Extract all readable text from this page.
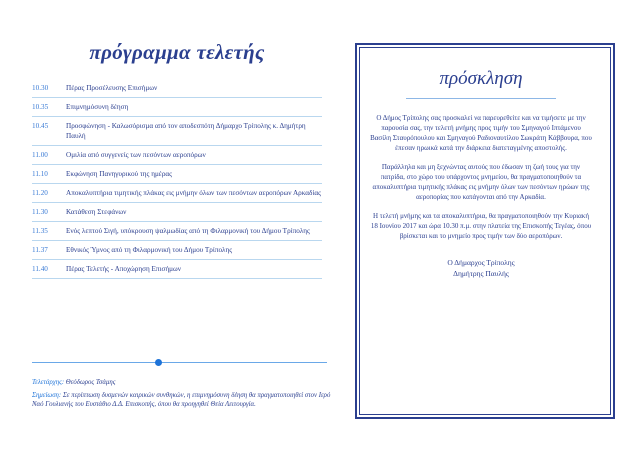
πρόγραμμα τελετής
10.30	Πέρας Προσέλευσης Επισήμων
10.35	Επιμνημόσυνη δέηση
10.45	Προσφώνηση - Καλωσόρισμα από τον αποδεσπότη Δήμαρχο Τρίπολης κ. Δημήτρη Παυλή
11.00	Ομιλία από συγγενείς των πεσόντων αεροπόρων
11.10	Εκφώνηση Πανηγυρικού της ημέρας
11.20	Αποκαλυπτήρια τιμητικής πλάκας εις μνήμην όλων των πεσόντων αεροπόρων Αρκαδίας
11.30	Κατάθεση Στεφάνων
11.35	Ενός λεπτού Σιγή, υπόκρουση ψαλμωδίας από τη Φιλαρμονική του Δήμου Τρίπολης
11.37	Εθνικός Ύμνος από τη Φιλαρμονική του Δήμου Τρίπολης
11.40	Πέρας Τελετής - Αποχώρηση Επισήμων
Τελετάρχης: Θεόδωρος Τσάμης
Σημείωση: Σε περίπτωση δυσμενών καιρικών συνθηκών, η επιμνημόσυνη δέηση θα πραγματοποιηθεί στον Ιερό Ναό Γουλιανής του Ευστάθιο Δ.Δ. Επισκοπής, όπου θα προηγηθεί Θεία Λειτουργία.
πρόσκληση

Ο Δήμος Τρίπολης σας προσκαλεί να παρευρεθείτε και να τιμήσετε με την παρουσία σας, την τελετή μνήμης προς τιμήν του Σμηναγού Ιπτάμενου Βασίλη Σταυρόπουλου και Σμηναγού Ραδιοναυτίλου Σωκράτη Κάββουρα, που έπεσαν ηρωικά κατά την διάρκεια διατεταγμένης αποστολής.

Παράλληλα και μη ξεχνώντας αυτούς που έδωσαν τη ζωή τους για την πατρίδα, στο χώρο του υπάρχοντος μνημείου, θα πραγματοποιηθούν τα αποκαλυπτήρια τιμητικής πλάκας εις μνήμην όλων των πεσόντων ηρώων της αεροπορίας που κατάγονται από την Αρκαδία.

Η τελετή μνήμης και τα αποκαλυπτήρια, θα πραγματοποιηθούν την Κυριακή 18 Ιουνίου 2017 και ώρα 10.30 π.μ. στην πλατεία της Επισκοπής Τεγέας, όπου βρίσκεται και το μνημείο προς τιμήν των δύο αεροπόρων.

Ο Δήμαρχος Τρίπολης
Δημήτρης Παυλής
